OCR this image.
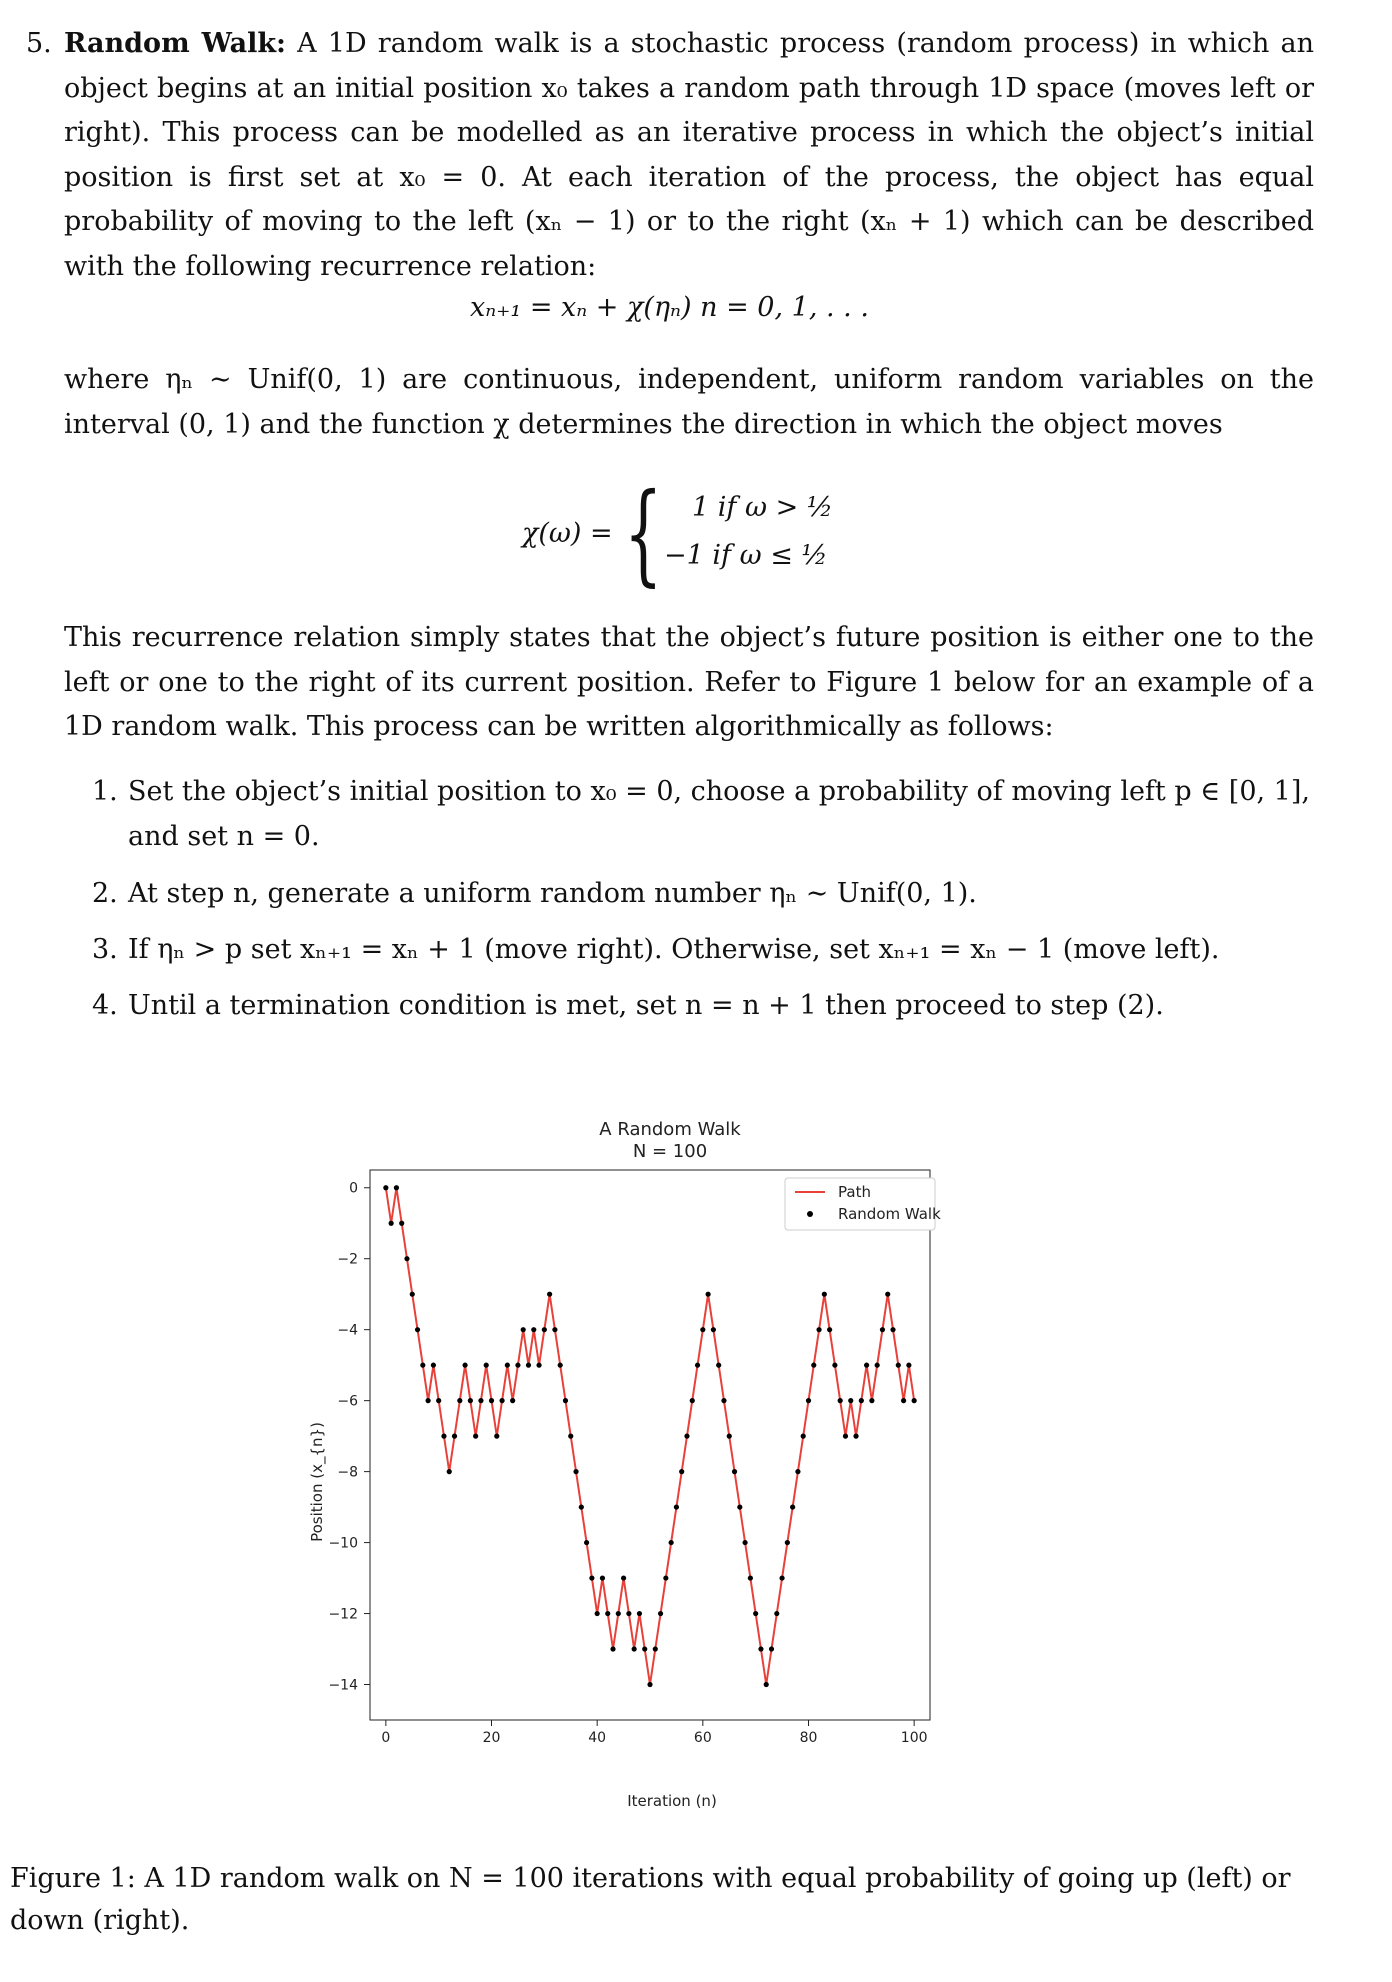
5. Random Walk: A 1D random walk is a stochastic process (random process) in which an object begins at an initial position x₀ takes a random path through 1D space (moves left or right). This process can be modelled as an iterative process in which the object’s initial position is first set at x₀ = 0. At each iteration of the process, the object has equal probability of moving to the left (xₙ − 1) or to the right (xₙ + 1) which can be described with the following recurrence relation:
xₙ₊₁ = xₙ + χ(ηₙ) n = 0, 1, . . .
where ηₙ ∼ Unif(0, 1) are continuous, independent, uniform random variables on the interval (0, 1) and the function χ determines the direction in which the object moves
χ(ω) = { 1 if ω > ½
−1 if ω ≤ ½
This recurrence relation simply states that the object’s future position is either one to the left or one to the right of its current position. Refer to Figure 1 below for an example of a 1D random walk. This process can be written algorithmically as follows:
1. Set the object’s initial position to x₀ = 0, choose a probability of moving left p ∈ [0, 1], and set n = 0.
2. At step n, generate a uniform random number ηₙ ∼ Unif(0, 1).
3. If ηₙ > p set xₙ₊₁ = xₙ + 1 (move right). Otherwise, set xₙ₊₁ = xₙ − 1 (move left).
4. Until a termination condition is met, set n = n + 1 then proceed to step (2).
A Random Walk
N = 100
Position (x_{n})
Iteration (n)
0	20	40	60	80	100
0
−2
−4
−6
−8
−10
−12
−14
Path
Random Walk

Figure 1: A 1D random walk on N = 100 iterations with equal probability of going up (left) or down (right).
